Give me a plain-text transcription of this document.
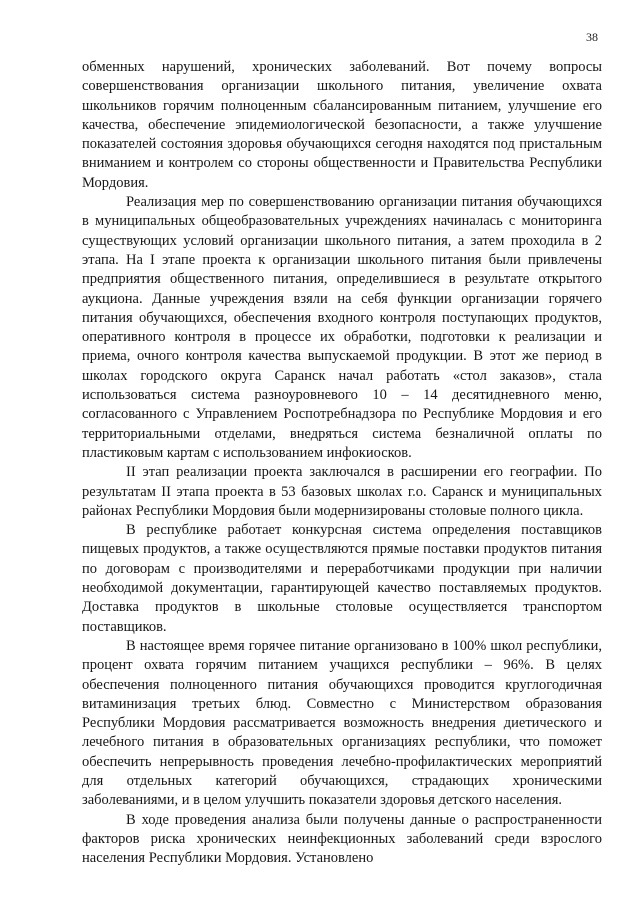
38

обменных нарушений, хронических заболеваний. Вот почему вопросы совершенствования организации школьного питания, увеличение охвата школьников горячим полноценным сбалансированным питанием, улучшение его качества, обеспечение эпидемиологической безопасности, а также улучшение показателей состояния здоровья обучающихся сегодня находятся под пристальным вниманием и контролем со стороны общественности и Правительства Республики Мордовия.

Реализация мер по совершенствованию организации питания обучающихся в муниципальных общеобразовательных учреждениях начиналась с мониторинга существующих условий организации школьного питания, а затем проходила в 2 этапа. На I этапе проекта к организации школьного питания были привлечены предприятия общественного питания, определившиеся в результате открытого аукциона. Данные учреждения взяли на себя функции организации горячего питания обучающихся, обеспечения входного контроля поступающих продуктов, оперативного контроля в процессе их обработки, подготовки к реализации и приема, очного контроля качества выпускаемой продукции. В этот же период в школах городского округа Саранск начал работать «стол заказов», стала использоваться система разноуровневого 10 – 14 десятидневного меню, согласованного с Управлением Роспотребнадзора по Республике Мордовия и его территориальными отделами, внедряться система безналичной оплаты по пластиковым картам с использованием инфокиосков.

II этап реализации проекта заключался в расширении его географии. По результатам II этапа проекта в 53 базовых школах г.о. Саранск и муниципальных районах Республики Мордовия были модернизированы столовые полного цикла.

В республике работает конкурсная система определения поставщиков пищевых продуктов, а также осуществляются прямые поставки продуктов питания по договорам с производителями и переработчиками продукции при наличии необходимой документации, гарантирующей качество поставляемых продуктов. Доставка продуктов в школьные столовые осуществляется транспортом поставщиков.

В настоящее время горячее питание организовано в 100% школ республики, процент охвата горячим питанием учащихся республики – 96%. В целях обеспечения полноценного питания обучающихся проводится круглогодичная витаминизация третьих блюд. Совместно с Министерством образования Республики Мордовия рассматривается возможность внедрения диетического и лечебного питания в образовательных организациях республики, что поможет обеспечить непрерывность проведения лечебно-профилактических мероприятий для отдельных категорий обучающихся, страдающих хроническими заболеваниями, и в целом улучшить показатели здоровья детского населения.

В ходе проведения анализа были получены данные о распространенности факторов риска хронических неинфекционных заболеваний среди взрослого населения Республики Мордовия. Установлено
